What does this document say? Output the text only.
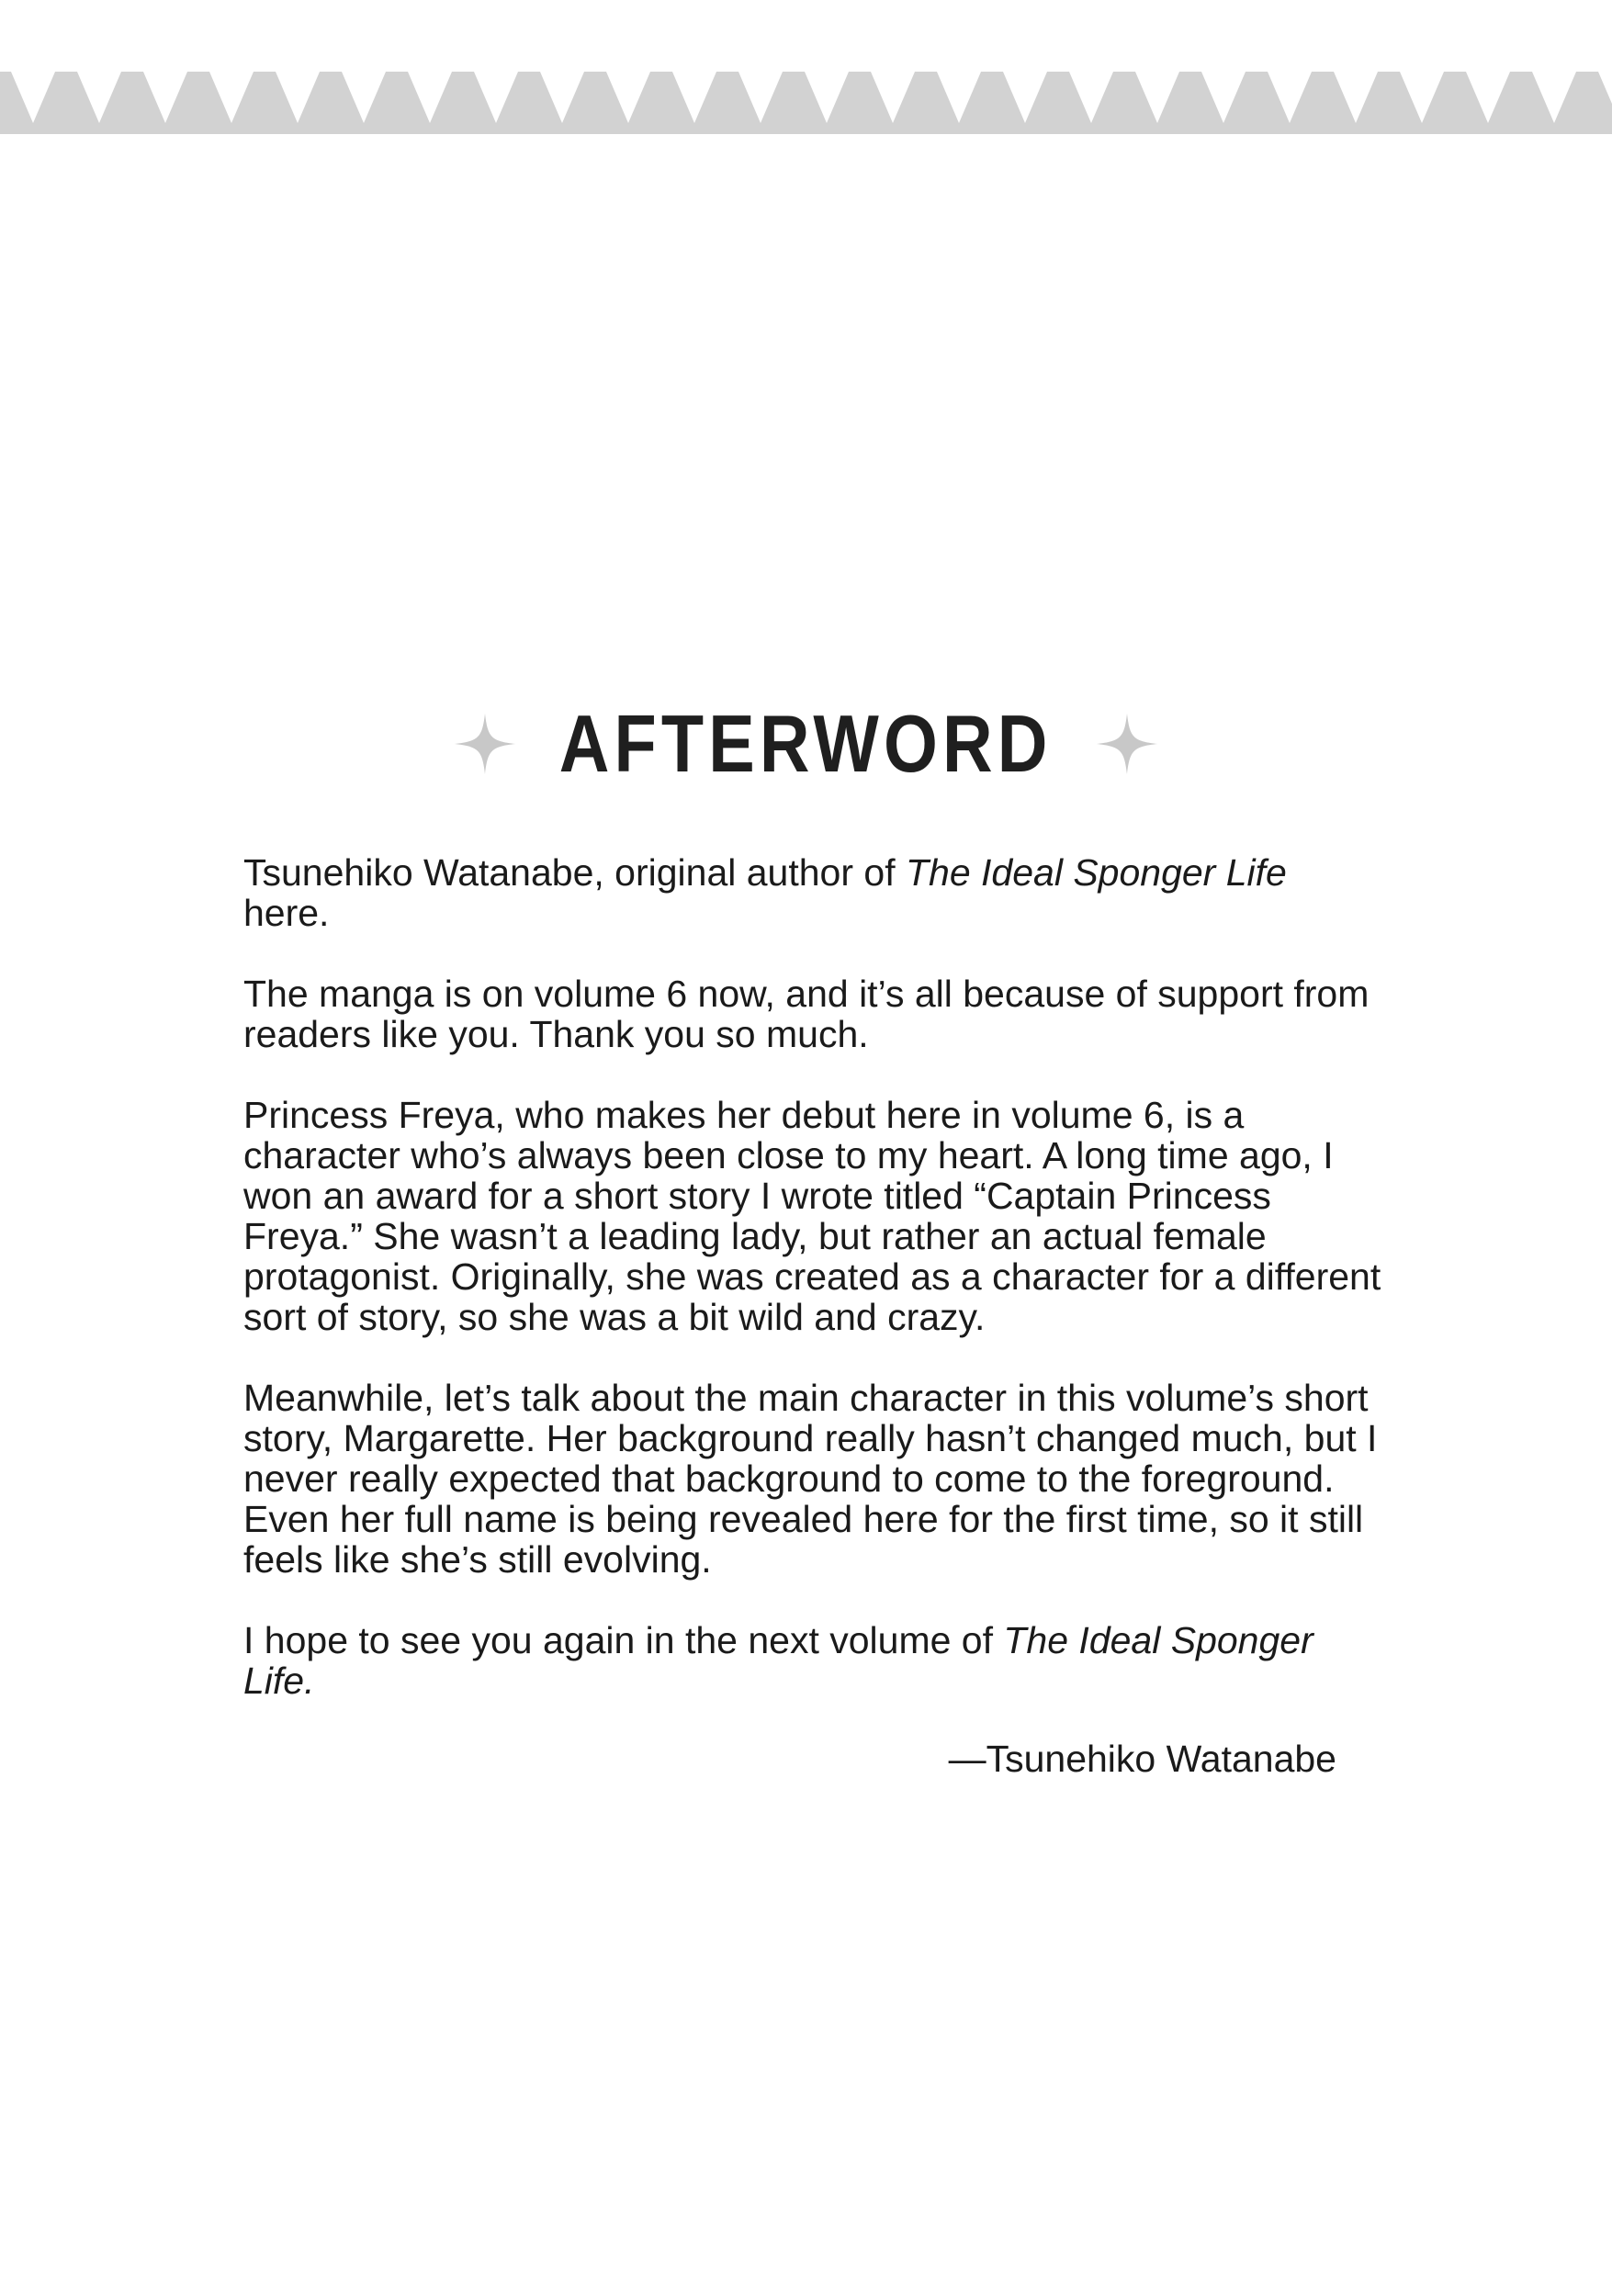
AFTERWORD

Tsunehiko Watanabe, original author of The Ideal Sponger Life
here.

The manga is on volume 6 now, and it’s all because of support from readers like you. Thank you so much.

Princess Freya, who makes her debut here in volume 6, is a character who’s always been close to my heart. A long time ago, I won an award for a short story I wrote titled “Captain Princess Freya.” She wasn’t a leading lady, but rather an actual female protagonist. Originally, she was created as a character for a different sort of story, so she was a bit wild and crazy.

Meanwhile, let’s talk about the main character in this volume’s short story, Margarette. Her background really hasn’t changed much, but I never really expected that background to come to the foreground. Even her full name is being revealed here for the first time, so it still feels like she’s still evolving.

I hope to see you again in the next volume of The Ideal Sponger Life.

—Tsunehiko Watanabe
